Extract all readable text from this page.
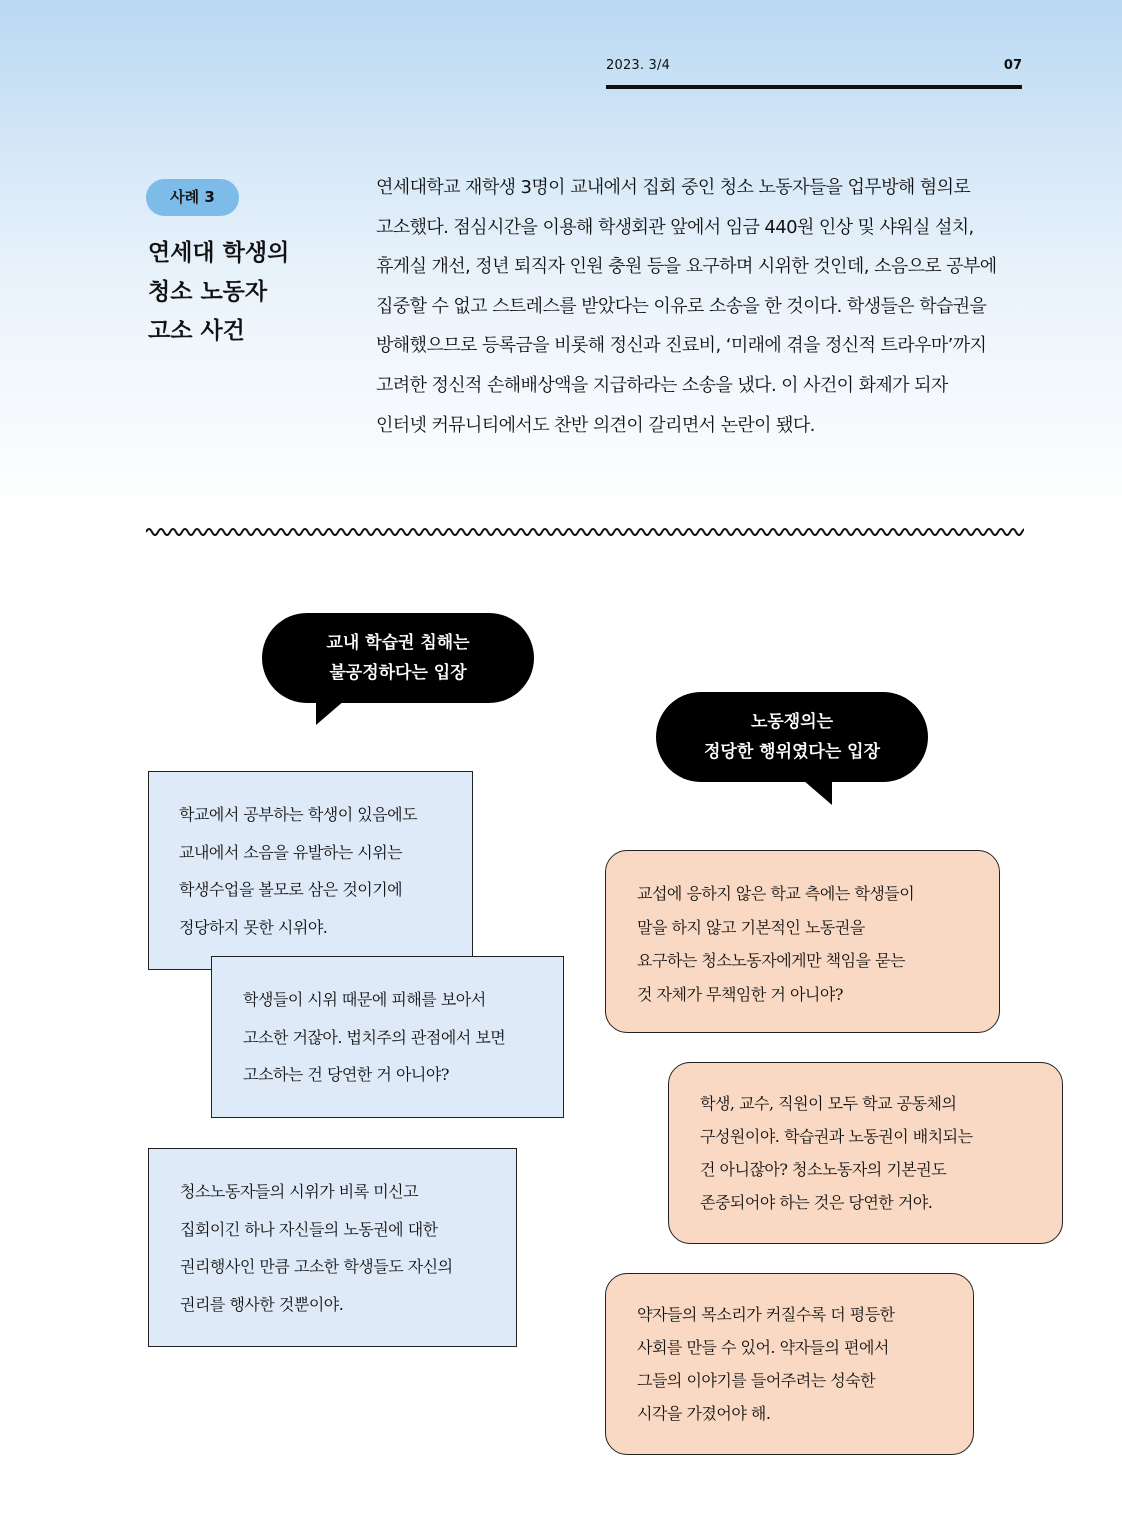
2023. 3/4	07
사례 3
연세대 학생의
청소 노동자
고소 사건
연세대학교 재학생 3명이 교내에서 집회 중인 청소 노동자들을 업무방해 혐의로
고소했다. 점심시간을 이용해 학생회관 앞에서 임금 440원 인상 및 샤워실 설치,
휴게실 개선, 정년 퇴직자 인원 충원 등을 요구하며 시위한 것인데, 소음으로 공부에
집중할 수 없고 스트레스를 받았다는 이유로 소송을 한 것이다. 학생들은 학습권을
방해했으므로 등록금을 비롯해 정신과 진료비, ‘미래에 겪을 정신적 트라우마’까지
고려한 정신적 손해배상액을 지급하라는 소송을 냈다. 이 사건이 화제가 되자
인터넷 커뮤니티에서도 찬반 의견이 갈리면서 논란이 됐다.
교내 학습권 침해는
불공정하다는 입장
노동쟁의는
정당한 행위였다는 입장
학교에서 공부하는 학생이 있음에도
교내에서 소음을 유발하는 시위는
학생수업을 볼모로 삼은 것이기에
정당하지 못한 시위야.
학생들이 시위 때문에 피해를 보아서
고소한 거잖아. 법치주의 관점에서 보면
고소하는 건 당연한 거 아니야?
청소노동자들의 시위가 비록 미신고
집회이긴 하나 자신들의 노동권에 대한
권리행사인 만큼 고소한 학생들도 자신의
권리를 행사한 것뿐이야.
교섭에 응하지 않은 학교 측에는 학생들이
말을 하지 않고 기본적인 노동권을
요구하는 청소노동자에게만 책임을 묻는
것 자체가 무책임한 거 아니야?
학생, 교수, 직원이 모두 학교 공동체의
구성원이야. 학습권과 노동권이 배치되는
건 아니잖아? 청소노동자의 기본권도
존중되어야 하는 것은 당연한 거야.
약자들의 목소리가 커질수록 더 평등한
사회를 만들 수 있어. 약자들의 편에서
그들의 이야기를 들어주려는 성숙한
시각을 가졌어야 해.
